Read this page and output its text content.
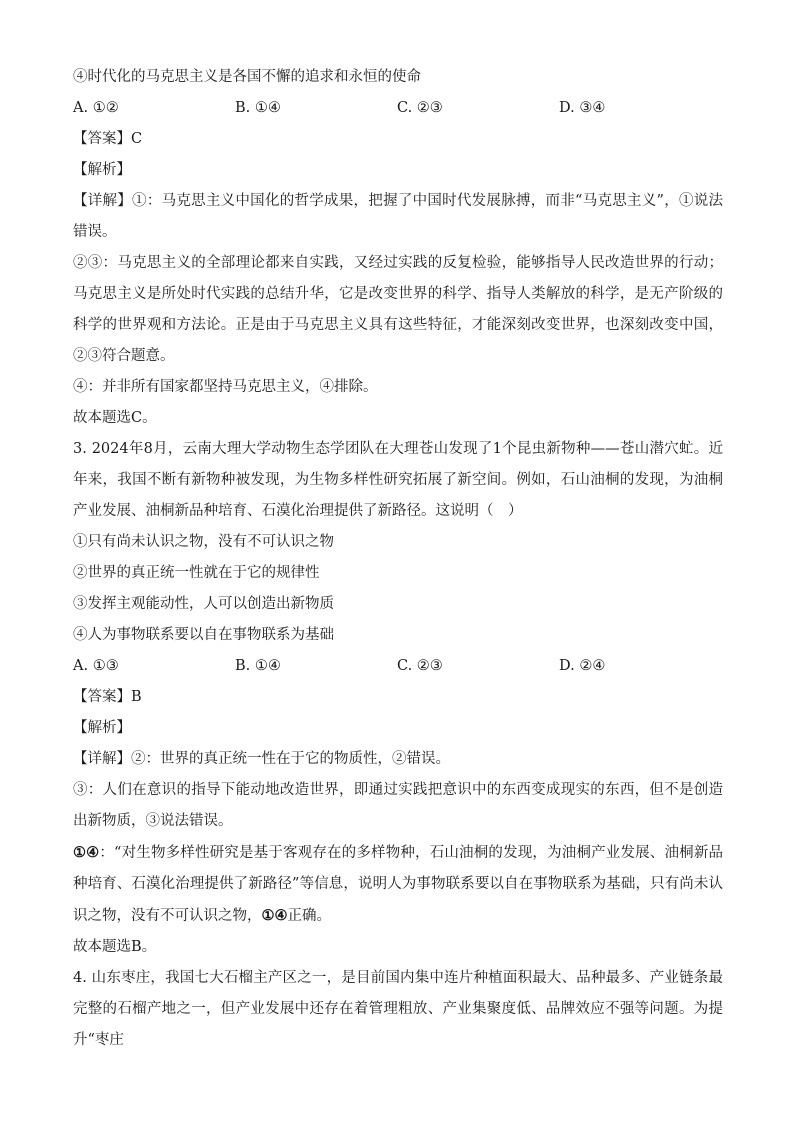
④时代化的马克思主义是各国不懈的追求和永恒的使命

A. ①②	B. ①④	C. ②③	D. ③④

【答案】C

【解析】

【详解】①：马克思主义中国化的哲学成果，把握了中国时代发展脉搏，而非“马克思主义”，①说法错误。

②③：马克思主义的全部理论都来自实践，又经过实践的反复检验，能够指导人民改造世界的行动；马克思主义是所处时代实践的总结升华，它是改变世界的科学、指导人类解放的科学，是无产阶级的科学的世界观和方法论。正是由于马克思主义具有这些特征，才能深刻改变世界，也深刻改变中国，②③符合题意。

④：并非所有国家都坚持马克思主义，④排除。

故本题选C。

3. 2024年8月，云南大理大学动物生态学团队在大理苍山发现了1个昆虫新物种——苍山潜穴虻。近年来，我国不断有新物种被发现，为生物多样性研究拓展了新空间。例如，石山油桐的发现，为油桐产业发展、油桐新品种培育、石漠化治理提供了新路径。这说明（　）

①只有尚未认识之物，没有不可认识之物

②世界的真正统一性就在于它的规律性

③发挥主观能动性，人可以创造出新物质

④人为事物联系要以自在事物联系为基础

A. ①③	B. ①④	C. ②③	D. ②④

【答案】B

【解析】

【详解】②：世界的真正统一性在于它的物质性，②错误。

③：人们在意识的指导下能动地改造世界，即通过实践把意识中的东西变成现实的东西，但不是创造出新物质，③说法错误。

①④：“对生物多样性研究是基于客观存在的多样物种，石山油桐的发现，为油桐产业发展、油桐新品种培育、石漠化治理提供了新路径”等信息，说明人为事物联系要以自在事物联系为基础，只有尚未认识之物，没有不可认识之物，①④正确。

故本题选B。

4. 山东枣庄，我国七大石榴主产区之一，是目前国内集中连片种植面积最大、品种最多、产业链条最完整的石榴产地之一，但产业发展中还存在着管理粗放、产业集聚度低、品牌效应不强等问题。为提升“枣庄
